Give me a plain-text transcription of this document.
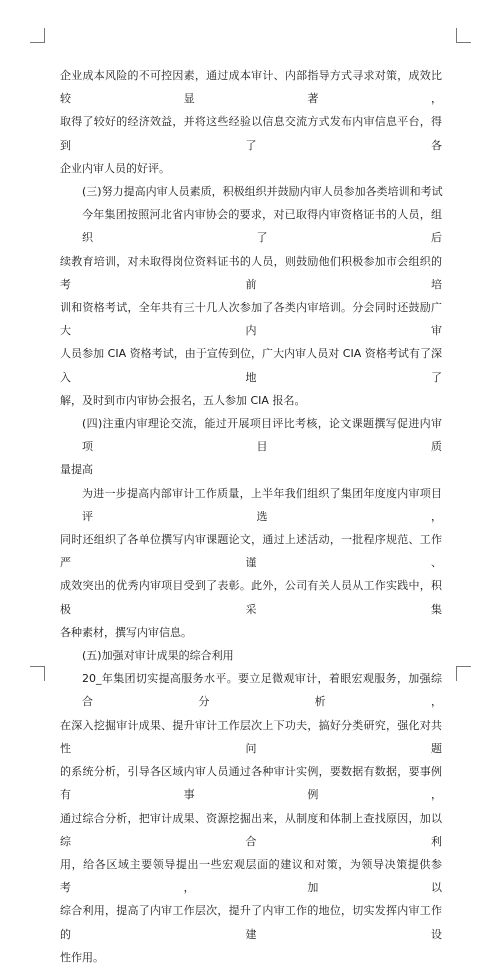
企业成本风险的不可控因素，通过成本审计、内部指导方式寻求对策，成效比较显著，
取得了较好的经济效益，并将这些经验以信息交流方式发布内审信息平台，得到了各
企业内审人员的好评。

(三)努力提高内审人员素质，积极组织并鼓励内审人员参加各类培训和考试

今年集团按照河北省内审协会的要求，对已取得内审资格证书的人员，组织了后
续教育培训，对未取得岗位资料证书的人员，则鼓励他们积极参加市会组织的考前培
训和资格考试，全年共有三十几人次参加了各类内审培训。分会同时还鼓励广大内审
人员参加 CIA 资格考试，由于宣传到位，广大内审人员对 CIA 资格考试有了深入地了
解，及时到市内审协会报名，五人参加 CIA 报名。

(四)注重内审理论交流，能过开展项目评比考核，论文课题撰写促进内审项目质
量提高

为进一步提高内部审计工作质量，上半年我们组织了集团年度度内审项目评选，
同时还组织了各单位撰写内审课题论文，通过上述活动，一批程序规范、工作严谨、
成效突出的优秀内审项目受到了表彰。此外，公司有关人员从工作实践中，积极采集
各种素材，撰写内审信息。

(五)加强对审计成果的综合利用

20_年集团切实提高服务水平。要立足微观审计，着眼宏观服务，加强综合分析，
在深入挖掘审计成果、提升审计工作层次上下功夫，搞好分类研究，强化对共性问题
的系统分析，引导各区域内审人员通过各种审计实例，要数据有数据，要事例有事例，
通过综合分析，把审计成果、资源挖掘出来，从制度和体制上查找原因，加以综合利
用，给各区域主要领导提出一些宏观层面的建议和对策，为领导决策提供参考，加以
综合利用，提高了内审工作层次，提升了内审工作的地位，切实发挥内审工作的建设
性作用。
